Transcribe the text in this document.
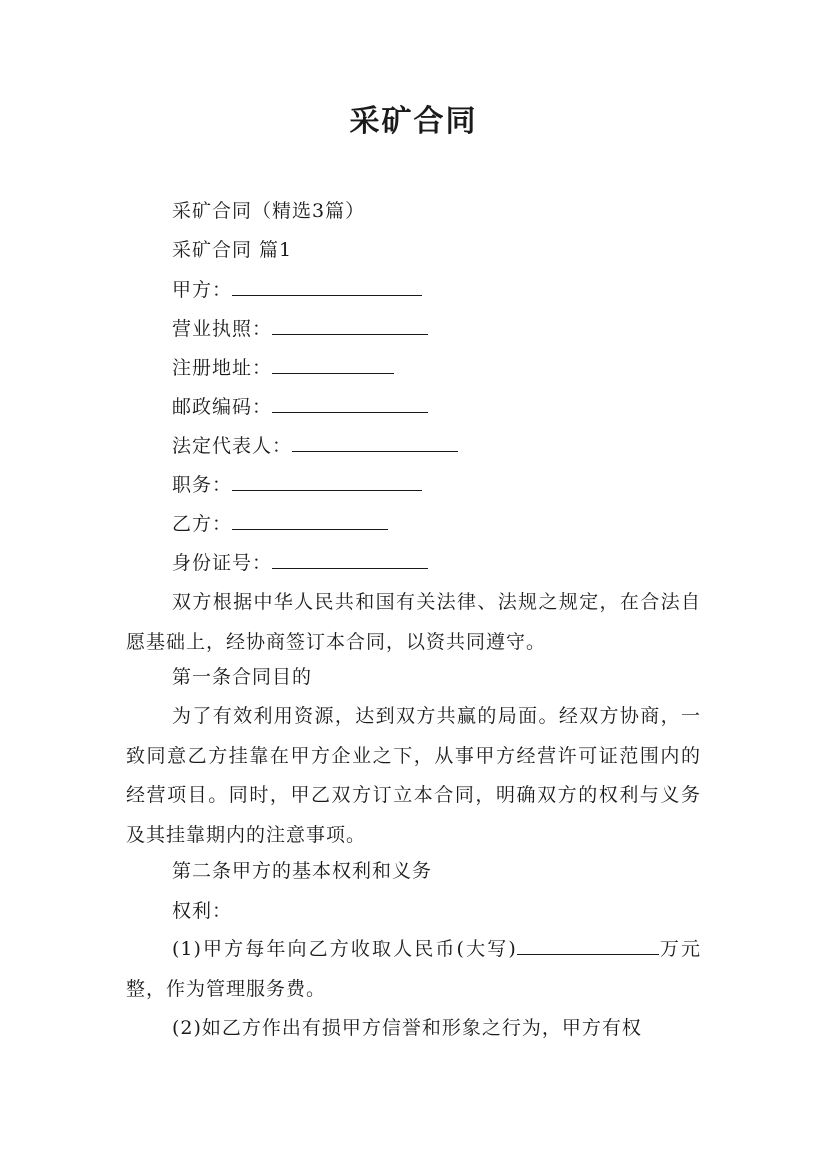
采矿合同
采矿合同（精选3篇）
采矿合同 篇1
甲方：
营业执照：
注册地址：
邮政编码：
法定代表人：
职务：
乙方：
身份证号：

双方根据中华人民共和国有关法律、法规之规定，在合法自愿基础上，经协商签订本合同，以资共同遵守。

第一条合同目的

为了有效利用资源，达到双方共赢的局面。经双方协商，一致同意乙方挂靠在甲方企业之下，从事甲方经营许可证范围内的经营项目。同时，甲乙双方订立本合同，明确双方的权利与义务及其挂靠期内的注意事项。

第二条甲方的基本权利和义务
权利：

(1)甲方每年向乙方收取人民币(大写)	万元整，作为管理服务费。

(2)如乙方作出有损甲方信誉和形象之行为，甲方有权
